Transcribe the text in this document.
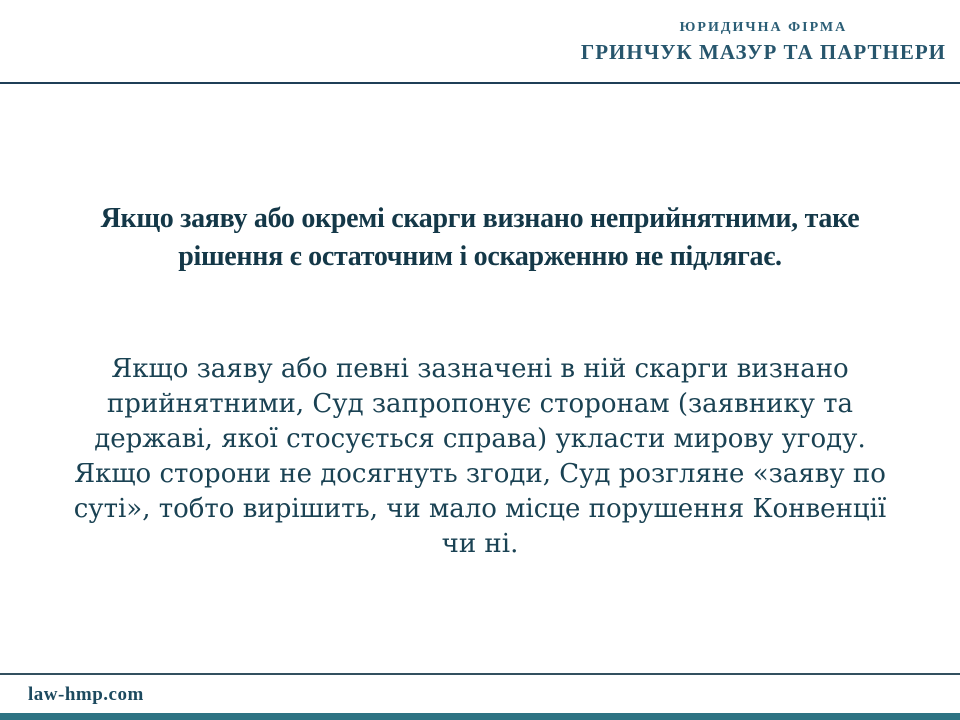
ЮРИДИЧНА ФІРМА
ГРИНЧУК МАЗУР ТА ПАРТНЕРИ
Якщо заяву або окремі скарги визнано неприйнятними, таке рішення є остаточним і оскарженню не підлягає.
Якщо заяву або певні зазначені в ній скарги визнано прийнятними, Суд запропонує сторонам (заявнику та державі, якої стосується справа) укласти мирову угоду. Якщо сторони не досягнуть згоди, Суд розгляне «заяву по суті», тобто вирішить, чи мало місце порушення Конвенції чи ні.
law-hmp.com
